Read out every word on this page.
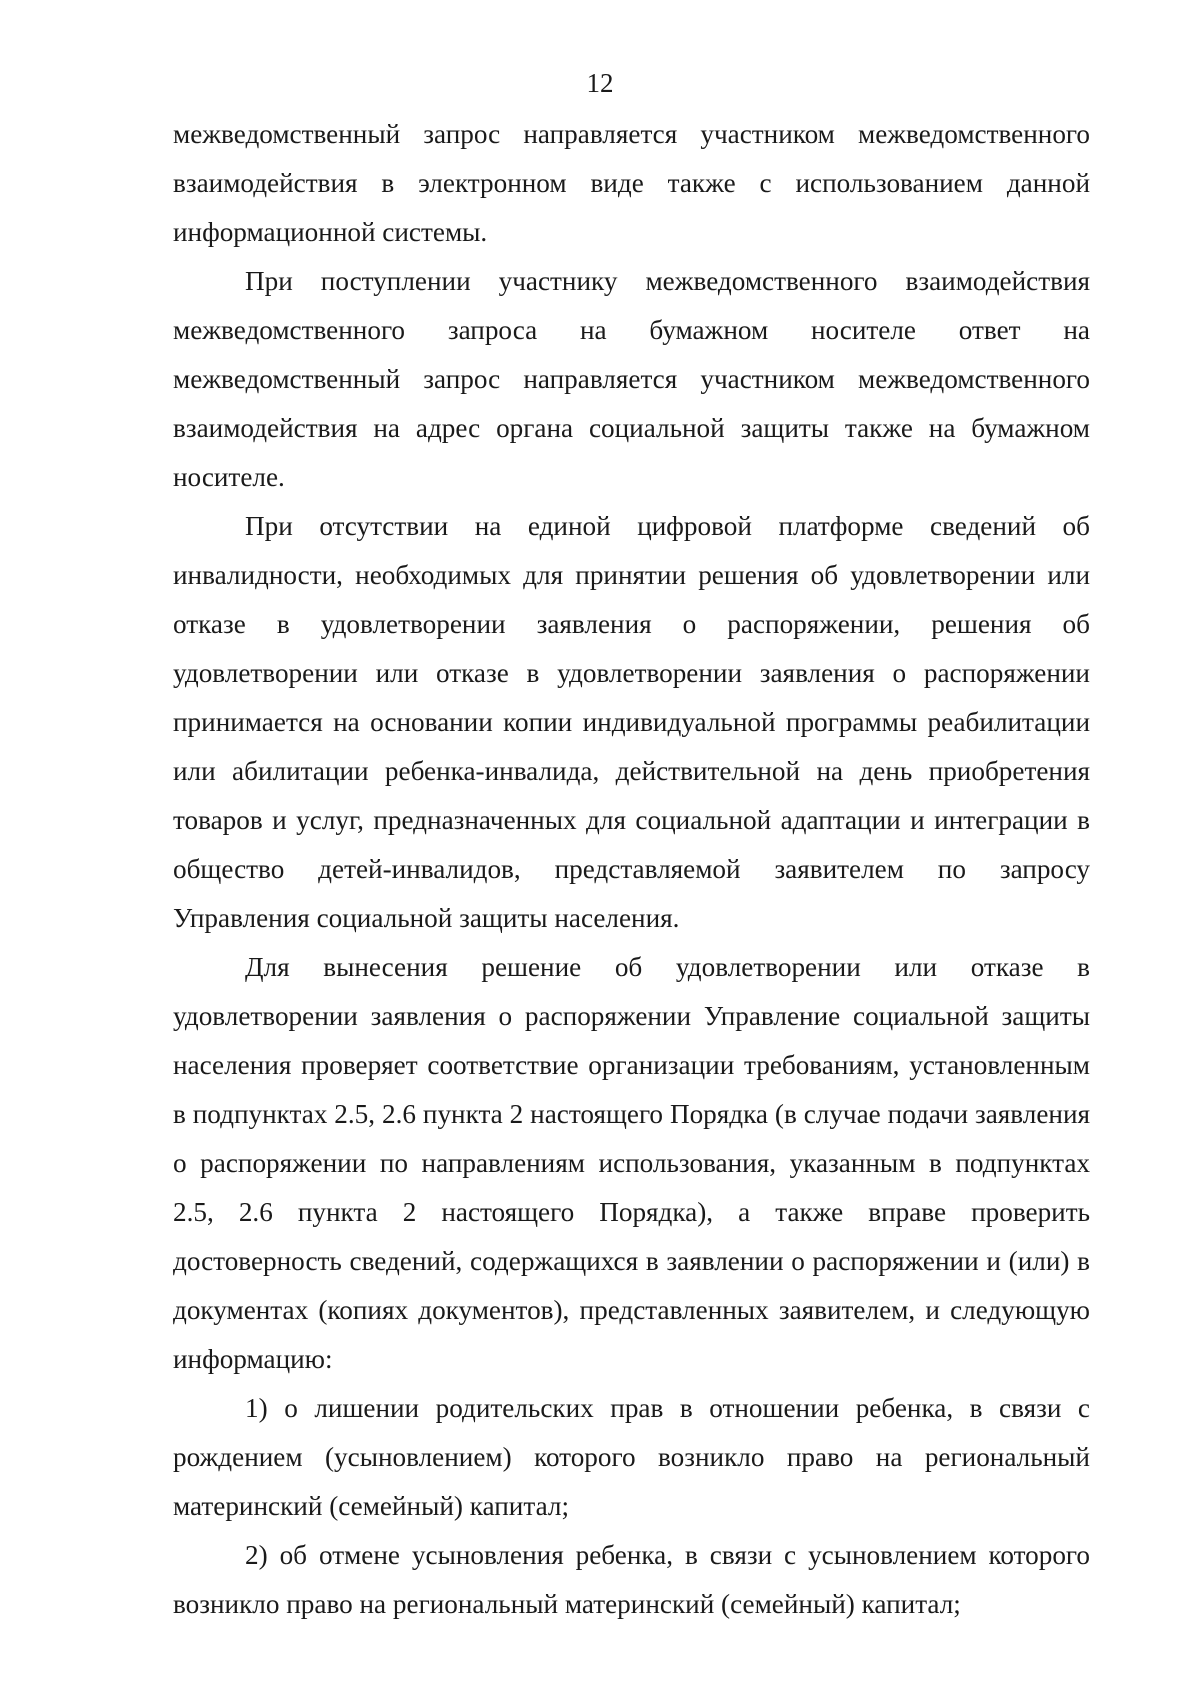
12

межведомственный запрос направляется участником межведомственного взаимодействия в электронном виде также с использованием данной информационной системы.

При поступлении участнику межведомственного взаимодействия межведомственного запроса на бумажном носителе ответ на межведомственный запрос направляется участником межведомственного взаимодействия на адрес органа социальной защиты также на бумажном носителе.

При отсутствии на единой цифровой платформе сведений об инвалидности, необходимых для принятии решения об удовлетворении или отказе в удовлетворении заявления о распоряжении, решения об удовлетворении или отказе в удовлетворении заявления о распоряжении принимается на основании копии индивидуальной программы реабилитации или абилитации ребенка-инвалида, действительной на день приобретения товаров и услуг, предназначенных для социальной адаптации и интеграции в общество детей-инвалидов, представляемой заявителем по запросу Управления социальной защиты населения.

Для вынесения решение об удовлетворении или отказе в удовлетворении заявления о распоряжении Управление социальной защиты населения проверяет соответствие организации требованиям, установленным в подпунктах 2.5, 2.6 пункта 2 настоящего Порядка (в случае подачи заявления о распоряжении по направлениям использования, указанным в подпунктах 2.5, 2.6 пункта 2 настоящего Порядка), а также вправе проверить достоверность сведений, содержащихся в заявлении о распоряжении и (или) в документах (копиях документов), представленных заявителем, и следующую информацию:

1) о лишении родительских прав в отношении ребенка, в связи с рождением (усыновлением) которого возникло право на региональный материнский (семейный) капитал;

2) об отмене усыновления ребенка, в связи с усыновлением которого возникло право на региональный материнский (семейный) капитал;
